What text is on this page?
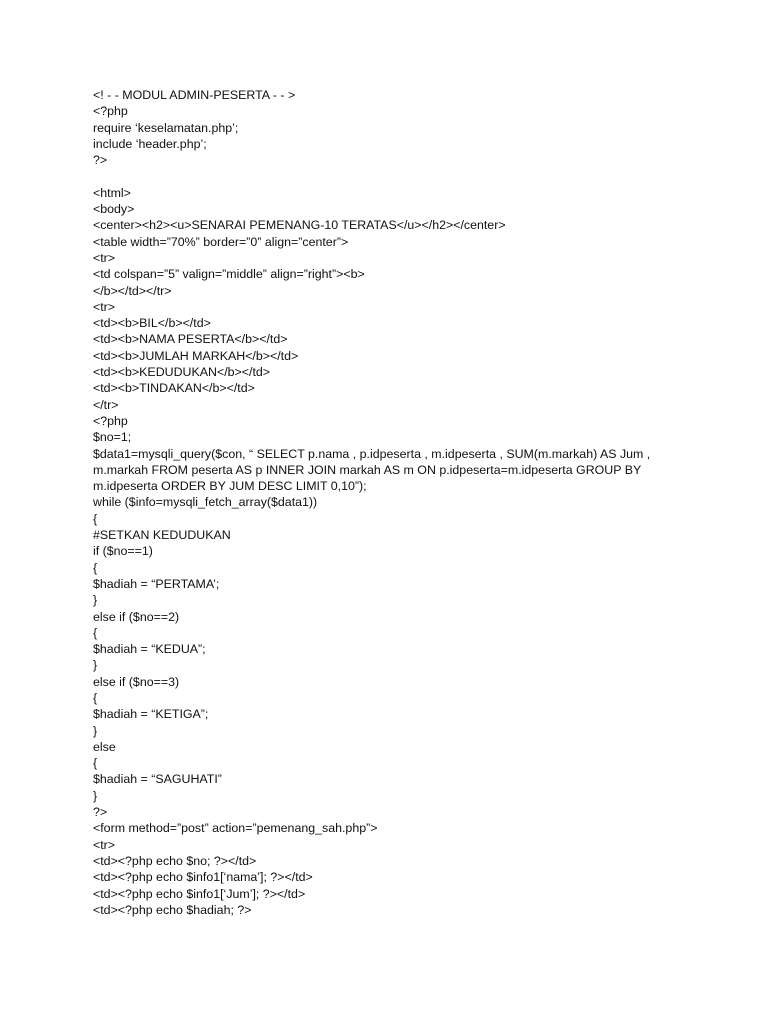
<! - - MODUL ADMIN-PESERTA - - >
<?php
require ‘keselamatan.php’;
include ‘header.php’;
?>
<html>
<body>
<center><h2><u>SENARAI PEMENANG-10 TERATAS</u></h2></center>
<table width=”70%” border=”0” align=”center”>
<tr>
<td colspan=”5” valign=”middle” align=”right”><b>
</b></td></tr>
<tr>
<td><b>BIL</b></td>
<td><b>NAMA PESERTA</b></td>
<td><b>JUMLAH MARKAH</b></td>
<td><b>KEDUDUKAN</b></td>
<td><b>TINDAKAN</b></td>
</tr>
<?php
$no=1;
$data1=mysqli_query($con, “ SELECT p.nama , p.idpeserta , m.idpeserta , SUM(m.markah) AS Jum ,
m.markah FROM peserta AS p INNER JOIN markah AS m ON p.idpeserta=m.idpeserta GROUP BY
m.idpeserta ORDER BY JUM DESC LIMIT 0,10”);
while ($info=mysqli_fetch_array($data1))
{
#SETKAN KEDUDUKAN
if ($no==1)
{
$hadiah = “PERTAMA’;
}
else if ($no==2)
{
$hadiah = “KEDUA”;
}
else if ($no==3)
{
$hadiah = “KETIGA”;
}
else
{
$hadiah = “SAGUHATI”
}
?>
<form method=”post” action=”pemenang_sah.php”>
<tr>
<td><?php echo $no; ?></td>
<td><?php echo $info1[‘nama’]; ?></td>
<td><?php echo $info1[‘Jum’]; ?></td>
<td><?php echo $hadiah; ?>
